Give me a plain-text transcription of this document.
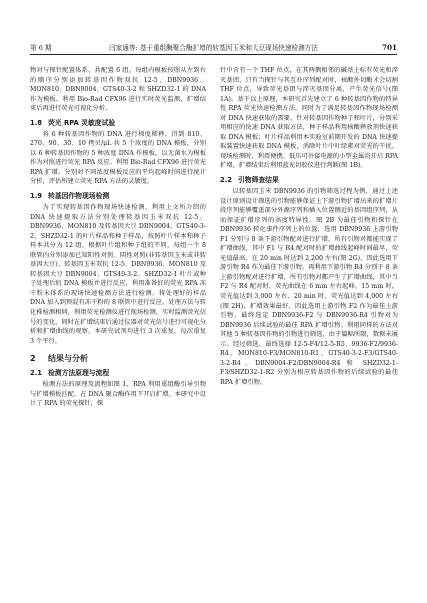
第 6 期	闫家通等: 基于重组酶聚合酶扩增的转基因玉米和大豆现场快速检测方法	701

物对与探针配置体系，共配置 6 组。每组内模板按照从左到右的顺序分别添加转基因作物双抗 12-5、DBN9936、MON810、DBN9004、GTS40-3-2 和 SHZD32-1 的 DNA 作为模板。利用 Bio-Rad CFX96 进行实时荧光监测，扩增结束后再进行荧光可视化分析。

1.8 荧光 RPA 灵敏度试验

将 6 种转基因作物的 DNA 进行梯度稀释，得到 810、270、90、30、10 拷贝/μL 共 5 个浓度的 DNA 模板，分别以 6 种转基因作物的 5 种浓度 DNA 作模板，以无菌水为模板作为对照进行荧光 RPA 反应。利用 Bio-Rad CFX96 进行荧光 RPA 扩增。分别对不同浓度模板反应的平均起峰时间进行统计分析，评估所建立荧光 RPA 方法的灵敏度。

1.9 转基因作物现场检测

为了实现转基因作物现场快速检测，利用上文所介绍的 DNA 快速提取方法分别处理转基因玉米双抗 12-5、DBN9936、MON810 及转基因大豆 DBN9004、GTS40-3-2、SHZD32-1 的叶片样品和种子样品，按照叶片样本和种子样本共分为 12 组，根据叶片组和种子组的不同，每组一个 8 联管内分别添加已知阳性对照、阴性对照(非转基因玉米或非转基因大豆)、转基因玉米双抗 12-5、DBN9936、MON810 及转基因大豆 DBN9004、GTS40-3-2、SHZD32-1 叶片或种子处理后的 DNA 模板并进行反应，利用准备好的荧光 RPA 冻干粉末体系的现场快速检测方法进行检测。将处理好的样品 DNA 加入到预混有冻干粉的 8 联管中进行反应，处理方法与转化株检测相同，利用荧光检测仪进行现场检测，实时监测荧光信号的变化，同时在扩增结束后通过仪器对荧光信号进行可视化分析和扩增曲线的观察。本研究试剂均进行 3 次重复，每次重复 3 个平行。

2 结果与分析
2.1 检测方法原理与流程

检测方法的原理及流程如图 1，RPA 利用重组酶引导引物与扩增模板匹配，在 DNA 聚合酶作用下开启扩增。本研究中设计了 RPA 的荧光探针，探

针中含有一个 THF 位点，在其两侧相邻的碱基上标有荧光和淬灭基团，只有当探针与其互补序列配对时，核酸外切酶才会切割 THF 位点，导致荧光基团与淬灭基团分离，产生荧光信号(图 1A)。基于以上原理，本研究首先建立了 6 种转基因作物的特异性 RPA 荧光快速检测方法。同时为了满足转基因作物现场检测对 DNA 快速获取的需要，针对转基因作物种子和叶片，分别采用相应的快速 DNA 获取方法，种子样品利用核酸释放剂快速获取 DNA 模板；叶片样品利用本实验室前期开发的 DNA 快速提取装置快速获取 DNA 模板，消除叶片中叶绿素对荧光的干扰。现场检测时，利用便携、低压可外接电源的小型金属浴开启 RPA 扩增，扩增结束后利用蓝光切胶仪进行判断(图 1B)。

2.2 引物筛查结果

以转基因玉米 DBN9936 的引物筛选过程为例，通过上述设计原则设计筛选的引物能够保证上下游引物扩增出来的扩增片段序列能够覆盖部分外源序列和插入位置侧近的基因组序列，从而保证扩增序列的高度特异性。图 2B 为最佳引物和探针在 DBN9936 转化事件序列上的位置，选用 DBN9936 上游引物 F1 分别与 8 条下游引物配对进行扩增，所有引物对都能实现了扩增曲线，其中 F1 与 R4 配对时的扩增曲线起峰时间最早，荧光值最高，在 20 min 时达到 2,200 左右(图 2G)，因此选用下游引物 R4 作为最佳下游引物。再利用下游引物 R4 分别于 8 条上游引物配对进行扩增，所有引物对都产生了扩增曲线，其中当 F2 与 R4 配对时，荧光曲线在 6 min 左右起峰，15 min 时，荧光值达到 3,000 左右，20 min 时，荧光值达到 4,000 左右(图 2H)，扩增效果最好，因此选用上游引物 F2 作为最佳上游引物。最终选定 DBN9936-F2 与 DBN9936-R4 引物对为 DBN9936 后续试验的最佳 RPA 扩增引物。利用同样的方法对其他 5 种转基因作物的引物进行筛选，由于篇幅所限，数据未展示。经过筛选，最终选择 12-5-F4/12-5-R5、9936-F2/9936-R4、MON810-F3/MON810-R1、GTS40-3-2-F3/GTS40-3-2-R4、DBN9004-F2/DBN9004-R4 和 SHZD32-1-F3/SHZD32-1-R2 分别为相应转基因作物的后续试验的最佳 RPA 扩增引物。
